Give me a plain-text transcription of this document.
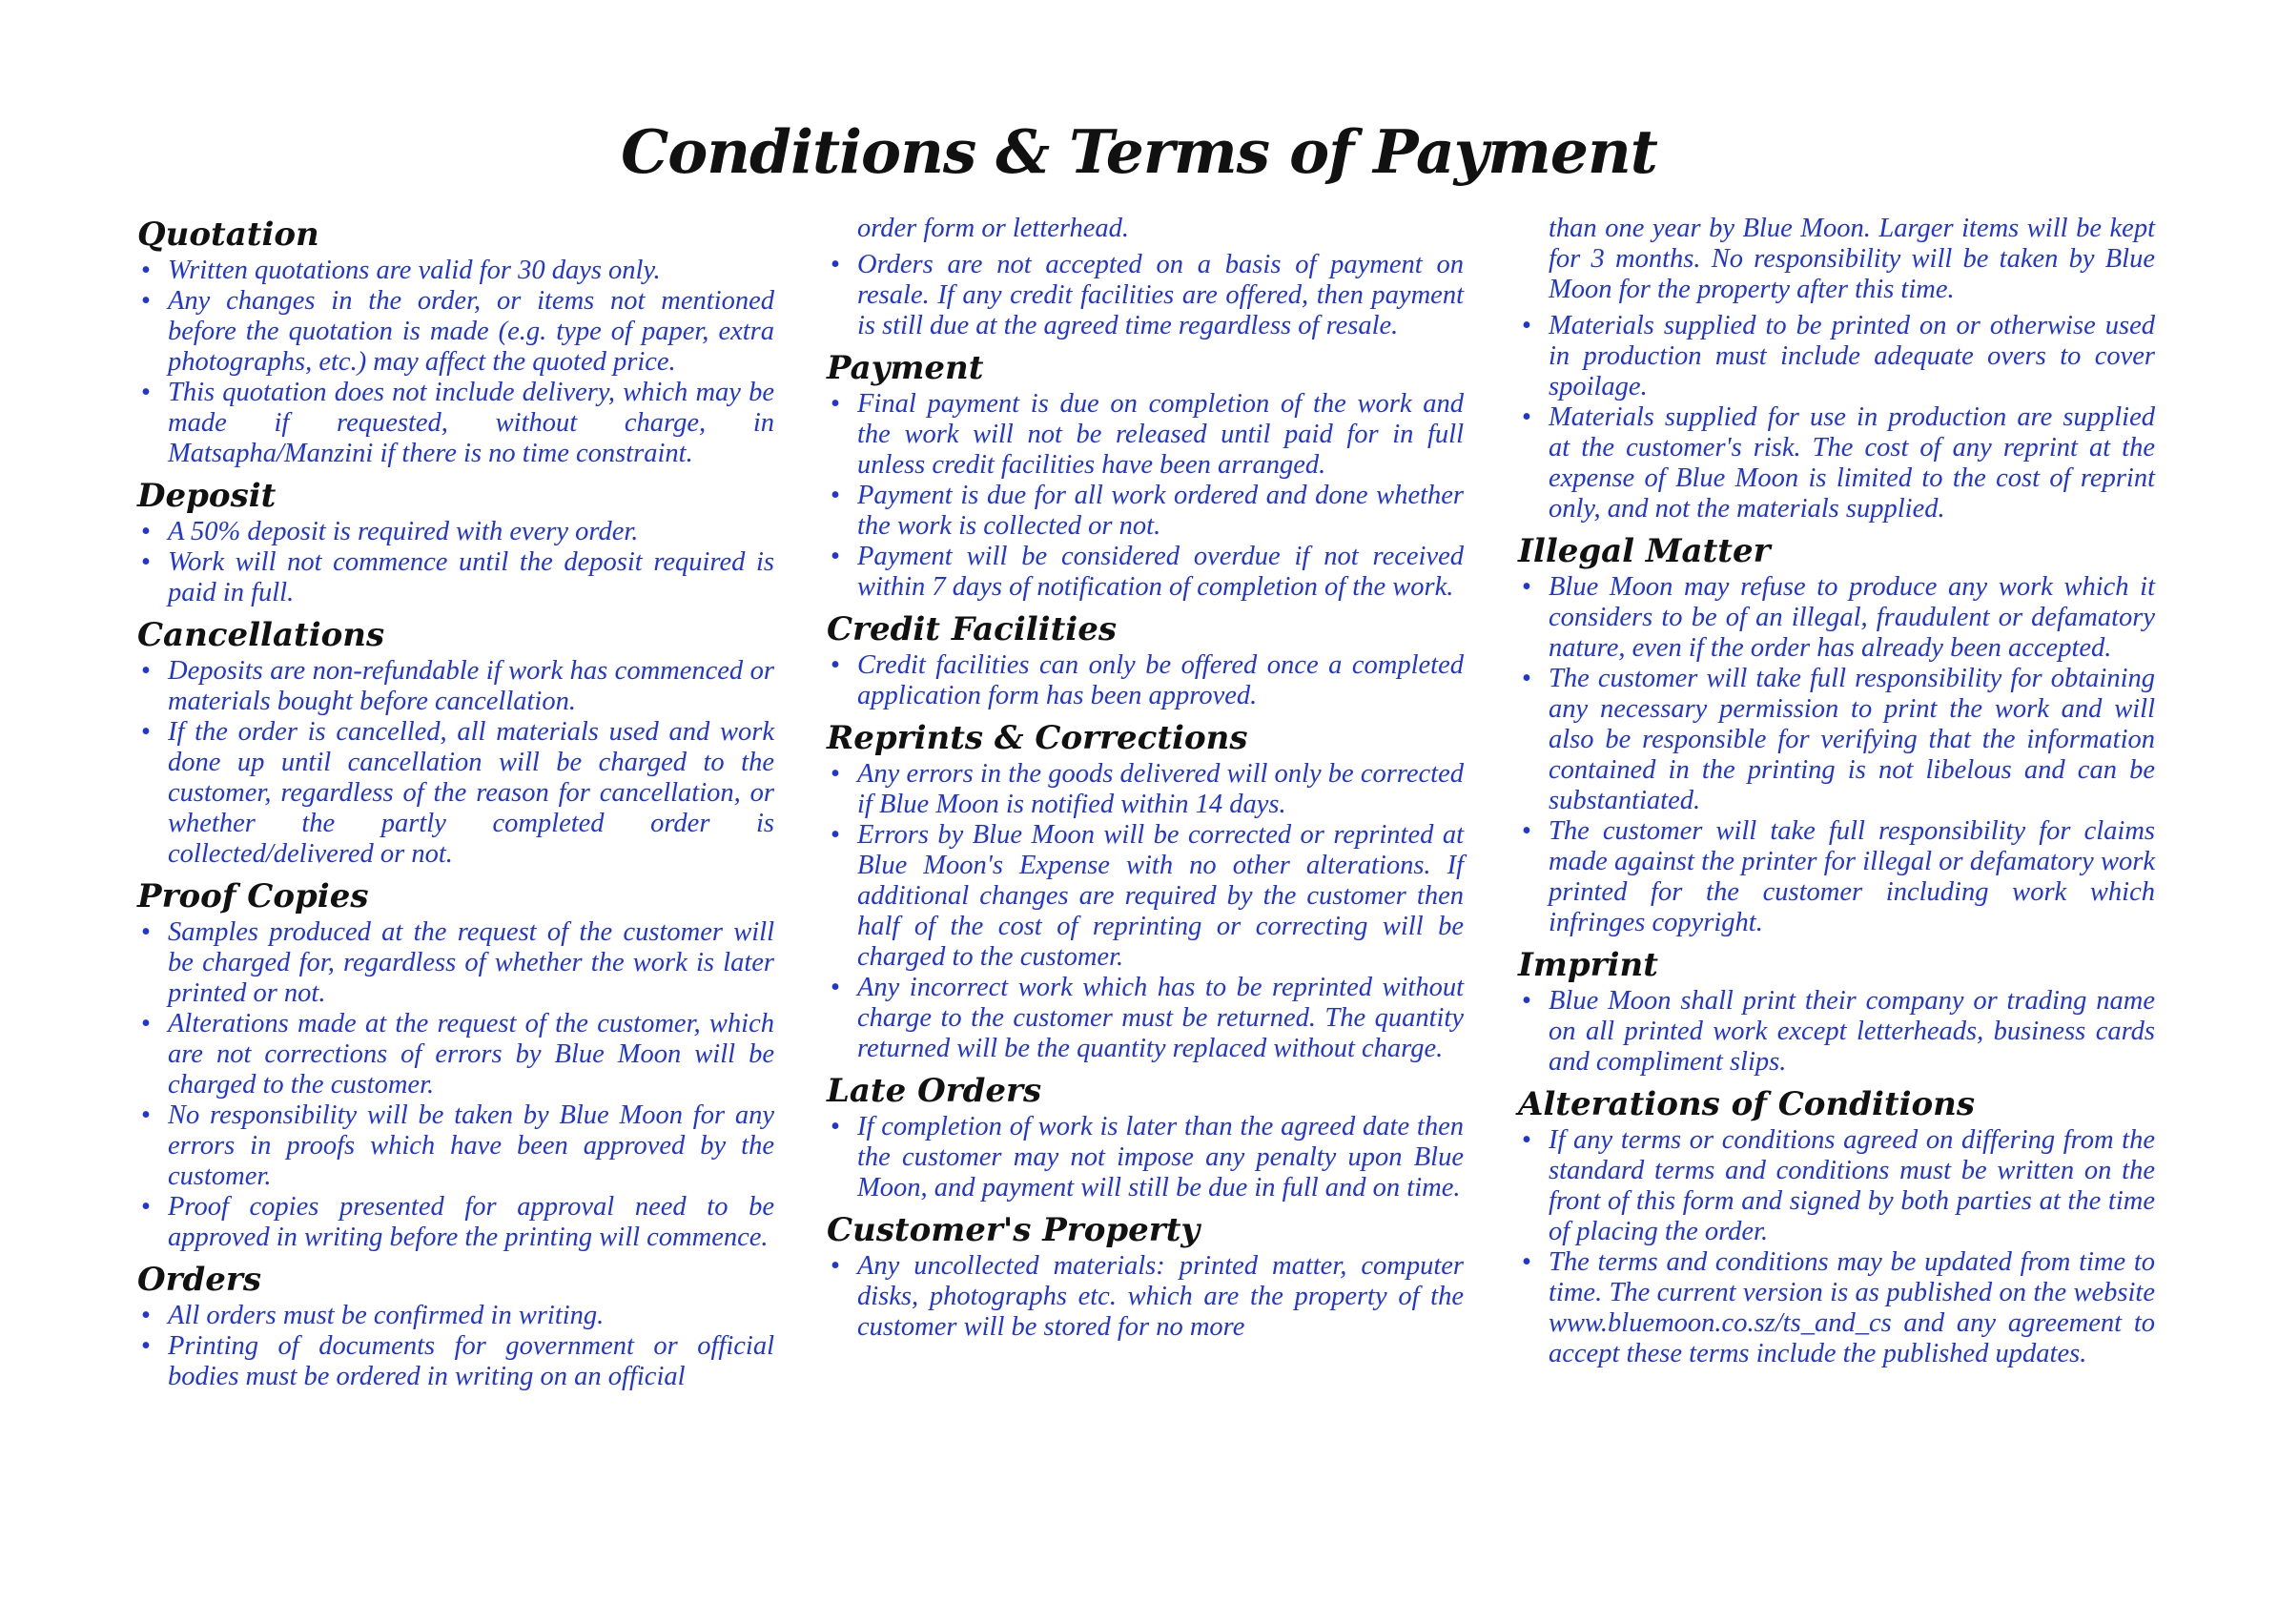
Conditions & Terms of Payment
Quotation
• Written quotations are valid for 30 days only.
• Any changes in the order, or items not mentioned before the quotation is made (e.g. type of paper, extra photographs, etc.) may affect the quoted price.
• This quotation does not include delivery, which may be made if requested, without charge, in Matsapha/Manzini if there is no time constraint.
Deposit
• A 50% deposit is required with every order.
• Work will not commence until the deposit required is paid in full.
Cancellations
• Deposits are non-refundable if work has commenced or materials bought before cancellation.
• If the order is cancelled, all materials used and work done up until cancellation will be charged to the customer, regardless of the reason for cancellation, or whether the partly completed order is collected/delivered or not.
Proof Copies
• Samples produced at the request of the customer will be charged for, regardless of whether the work is later printed or not.
• Alterations made at the request of the customer, which are not corrections of errors by Blue Moon will be charged to the customer.
• No responsibility will be taken by Blue Moon for any errors in proofs which have been approved by the customer.
• Proof copies presented for approval need to be approved in writing before the printing will commence.
Orders
• All orders must be confirmed in writing.
• Printing of documents for government or official bodies must be ordered in writing on an official
order form or letterhead.
• Orders are not accepted on a basis of payment on resale. If any credit facilities are offered, then payment is still due at the agreed time regardless of resale.
Payment
• Final payment is due on completion of the work and the work will not be released until paid for in full unless credit facilities have been arranged.
• Payment is due for all work ordered and done whether the work is collected or not.
• Payment will be considered overdue if not received within 7 days of notification of completion of the work.
Credit Facilities
• Credit facilities can only be offered once a completed application form has been approved.
Reprints & Corrections
• Any errors in the goods delivered will only be corrected if Blue Moon is notified within 14 days.
• Errors by Blue Moon will be corrected or reprinted at Blue Moon's Expense with no other alterations. If additional changes are required by the customer then half of the cost of reprinting or correcting will be charged to the customer.
• Any incorrect work which has to be reprinted without charge to the customer must be returned. The quantity returned will be the quantity replaced without charge.
Late Orders
• If completion of work is later than the agreed date then the customer may not impose any penalty upon Blue Moon, and payment will still be due in full and on time.
Customer's Property
• Any uncollected materials: printed matter, computer disks, photographs etc. which are the property of the customer will be stored for no more
than one year by Blue Moon. Larger items will be kept for 3 months. No responsibility will be taken by Blue Moon for the property after this time.
• Materials supplied to be printed on or otherwise used in production must include adequate overs to cover spoilage.
• Materials supplied for use in production are supplied at the customer's risk. The cost of any reprint at the expense of Blue Moon is limited to the cost of reprint only, and not the materials supplied.
Illegal Matter
• Blue Moon may refuse to produce any work which it considers to be of an illegal, fraudulent or defamatory nature, even if the order has already been accepted.
• The customer will take full responsibility for obtaining any necessary permission to print the work and will also be responsible for verifying that the information contained in the printing is not libelous and can be substantiated.
• The customer will take full responsibility for claims made against the printer for illegal or defamatory work printed for the customer including work which infringes copyright.
Imprint
• Blue Moon shall print their company or trading name on all printed work except letterheads, business cards and compliment slips.
Alterations of Conditions
• If any terms or conditions agreed on differing from the standard terms and conditions must be written on the front of this form and signed by both parties at the time of placing the order.
• The terms and conditions may be updated from time to time. The current version is as published on the website www.bluemoon.co.sz/ts_and_cs and any agreement to accept these terms include the published updates.
